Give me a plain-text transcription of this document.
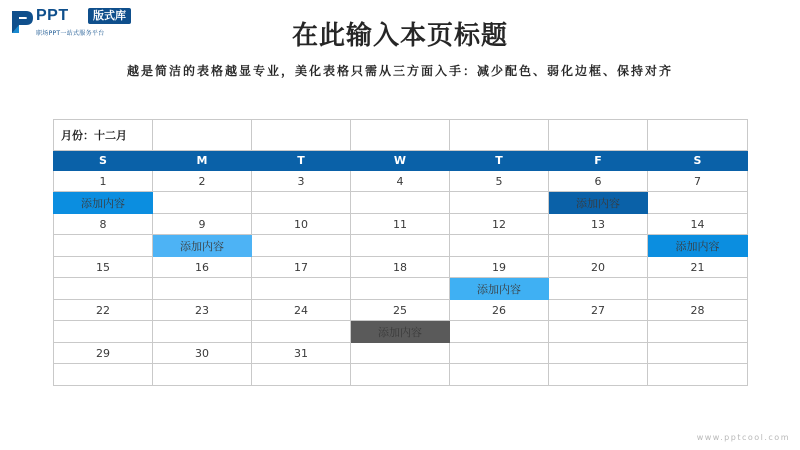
PPT	版式库
职场PPT一站式服务平台	在此输入本页标题
越是简洁的表格越显专业，美化表格只需从三方面入手：减少配色、弱化边框、保持对齐
月份：十二月						
S	M	T	W	T	F	S
1	2	3	4	5	6	7
添加内容					添加内容	
8	9	10	11	12	13	14
	添加内容					添加内容
15	16	17	18	19	20	21
				添加内容		
22	23	24	25	26	27	28
			添加内容			
29	30	31				

www.pptcool.com
